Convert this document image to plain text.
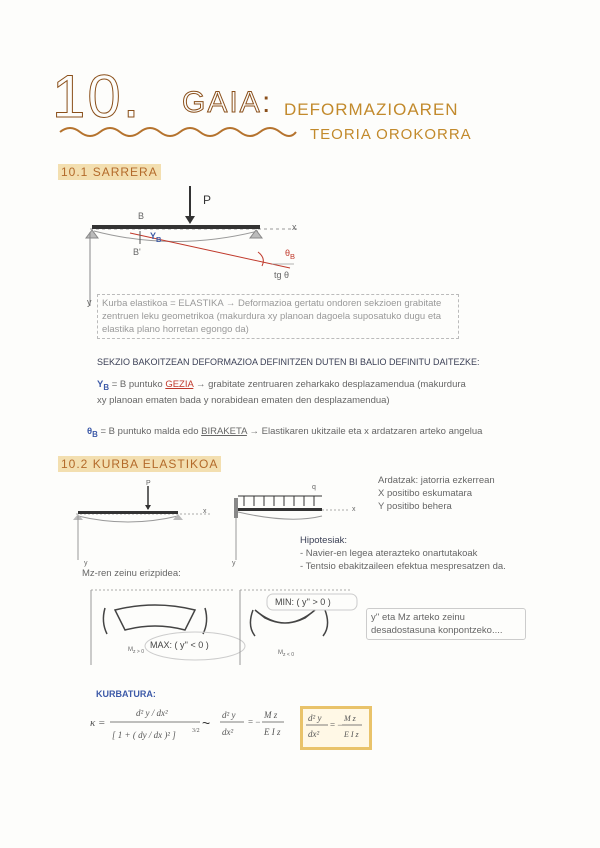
10. GAIA : DEFORMAZIOAREN
TEORIA OROKORRA
10.1 SARRERA
P
B
$Y_B$
B'	$\theta_B$
x
tg θ
y	Kurba elastikoa = ELASTIKA → Deformazioa gertatu ondoren sekzioen grabitate zentruen leku geometrikoa (makurdura xy planoan dagoela suposatuko dugu eta elastika plano horretan egongo da)
SEKZIO BAKOITZEAN DEFORMAZIOA DEFINITZEN DUTEN BI BALIO DEFINITU DAITEZKE:
$Y_B = B$ puntuko GEZIA → grabitate zentruaren zeharkako desplazamendua (makurdura
xy planoan ematen bada y norabidean ematen den desplazamendua)
$\theta_B = B$ puntuko malda edo BIRAKETA → Elastikaren ukitzaile eta x ardatzaren arteko angelua
10.2 KURBA ELASTIKOA
Ardatzak: jatorria ezkerrean
X positibo eskumatara
Y positibo behera
P
x
y
q
x
y
Hipotesiak:
- Navier-en legea aterazteko onartutakoak
- Tentsio ebakitzaileen efektua mespresatzen da.
Mz-ren zeinu erizpidea:
MAX: ( y'' < 0 )
MIN: ( y'' > 0 )
$M_{z > 0}$	$M_{z < 0}$
y'' eta Mz arteko zeinu desadostasuna konpontzeko....
KURBATURA:
κ =
d² y / dx²
[ 1 + ( dy / dx )² ]	3/2 ~ d² y
dx²
= −
M z
E I z
d² y
dx²
= −
M z
E I z
